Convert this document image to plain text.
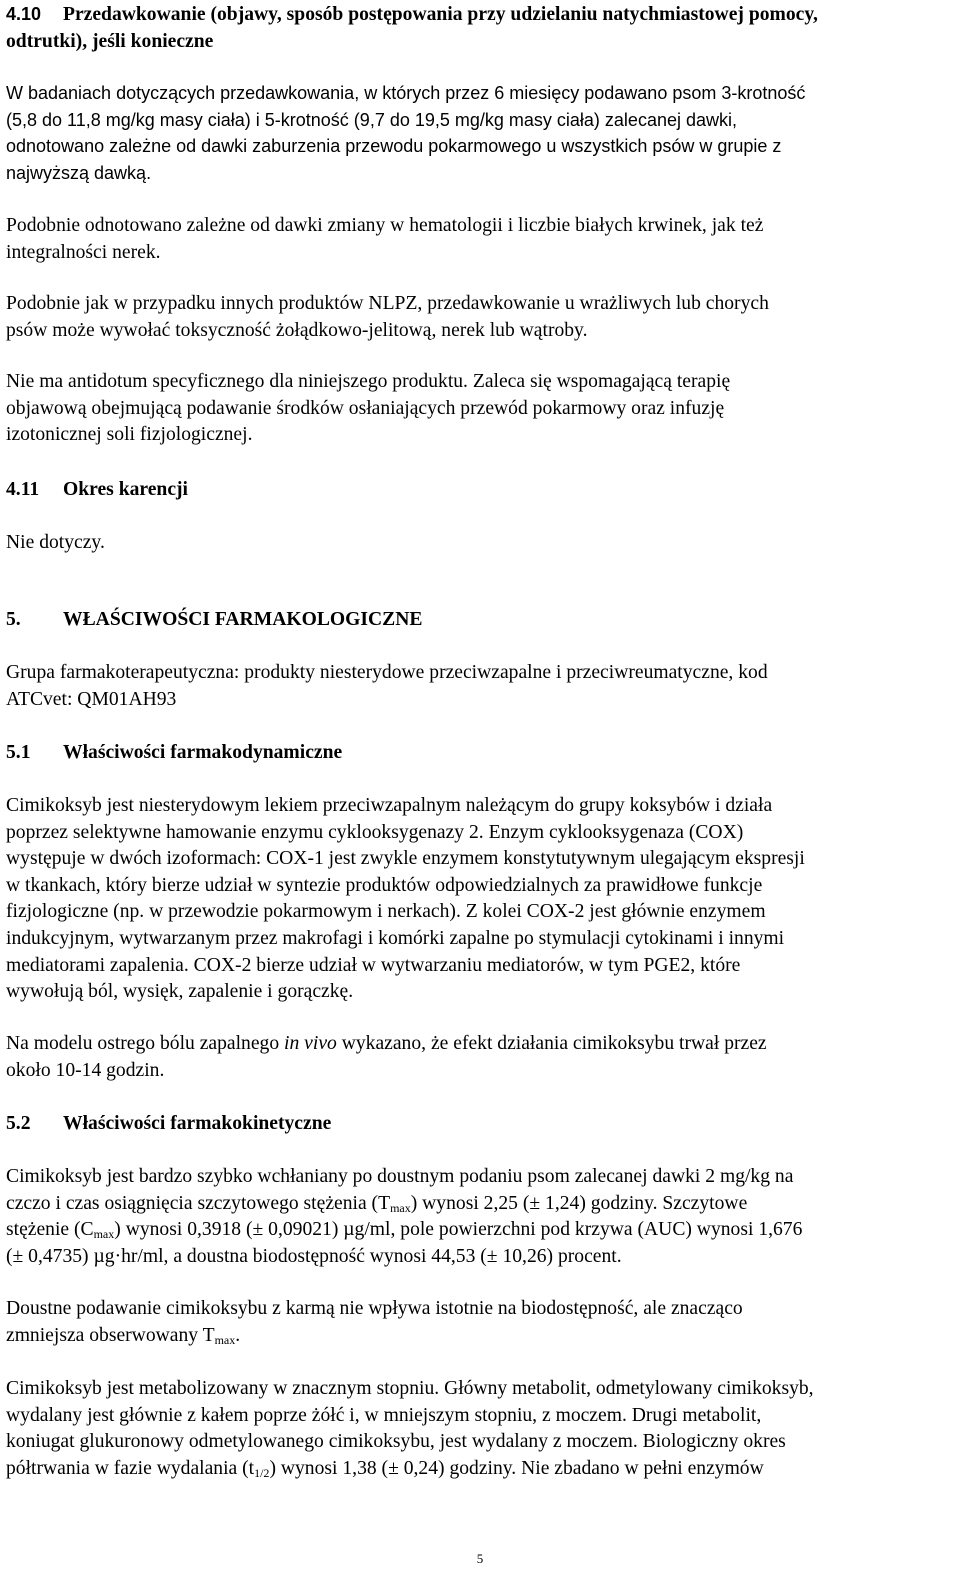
4.10 Przedawkowanie (objawy, sposób postępowania przy udzielaniu natychmiastowej pomocy,
odtrutki), jeśli konieczne
W badaniach dotyczących przedawkowania, w których przez 6 miesięcy podawano psom 3-krotność
(5,8 do 11,8 mg/kg masy ciała) i 5-krotność (9,7 do 19,5 mg/kg masy ciała) zalecanej dawki,
odnotowano zależne od dawki zaburzenia przewodu pokarmowego u wszystkich psów w grupie z
najwyższą dawką.
Podobnie odnotowano zależne od dawki zmiany w hematologii i liczbie białych krwinek, jak też
integralności nerek.
Podobnie jak w przypadku innych produktów NLPZ, przedawkowanie u wrażliwych lub chorych
psów może wywołać toksyczność żołądkowo-jelitową, nerek lub wątroby.
Nie ma antidotum specyficznego dla niniejszego produktu. Zaleca się wspomagającą terapię
objawową obejmującą podawanie środków osłaniających przewód pokarmowy oraz infuzję
izotonicznej soli fizjologicznej.
4.11 Okres karencji
Nie dotyczy.
5. WŁAŚCIWOŚCI FARMAKOLOGICZNE
Grupa farmakoterapeutyczna: produkty niesterydowe przeciwzapalne i przeciwreumatyczne, kod
ATCvet: QM01AH93
5.1 Właściwości farmakodynamiczne
Cimikoksyb jest niesterydowym lekiem przeciwzapalnym należącym do grupy koksybów i działa
poprzez selektywne hamowanie enzymu cyklooksygenazy 2. Enzym cyklooksygenaza (COX)
występuje w dwóch izoformach: COX-1 jest zwykle enzymem konstytutywnym ulegającym ekspresji
w tkankach, który bierze udział w syntezie produktów odpowiedzialnych za prawidłowe funkcje
fizjologiczne (np. w przewodzie pokarmowym i nerkach). Z kolei COX-2 jest głównie enzymem
indukcyjnym, wytwarzanym przez makrofagi i komórki zapalne po stymulacji cytokinami i innymi
mediatorami zapalenia. COX-2 bierze udział w wytwarzaniu mediatorów, w tym PGE2, które
wywołują ból, wysięk, zapalenie i gorączkę.
Na modelu ostrego bólu zapalnego in vivo wykazano, że efekt działania cimikoksybu trwał przez
około 10-14 godzin.
5.2 Właściwości farmakokinetyczne
Cimikoksyb jest bardzo szybko wchłaniany po doustnym podaniu psom zalecanej dawki 2 mg/kg na
czczo i czas osiągnięcia szczytowego stężenia $(T_{max})$ wynosi 2,25 (± 1,24) godziny. Szczytowe
stężenie $(C_{max})$ wynosi 0,3918 (± 0,09021) µg/ml, pole powierzchni pod krzywa (AUC) wynosi 1,676
(± 0,4735) µg·hr/ml, a doustna biodostępność wynosi 44,53 (± 10,26) procent.
Doustne podawanie cimikoksybu z karmą nie wpływa istotnie na biodostępność, ale znacząco
zmniejsza obserwowany $T_{max}$.
Cimikoksyb jest metabolizowany w znacznym stopniu. Główny metabolit, odmetylowany cimikoksyb,
wydalany jest głównie z kałem poprze żółć i, w mniejszym stopniu, z moczem. Drugi metabolit,
koniugat glukuronowy odmetylowanego cimikoksybu, jest wydalany z moczem. Biologiczny okres
półtrwania w fazie wydalania $(t_{1/2})$ wynosi 1,38 (± 0,24) godziny. Nie zbadano w pełni enzymów
5
